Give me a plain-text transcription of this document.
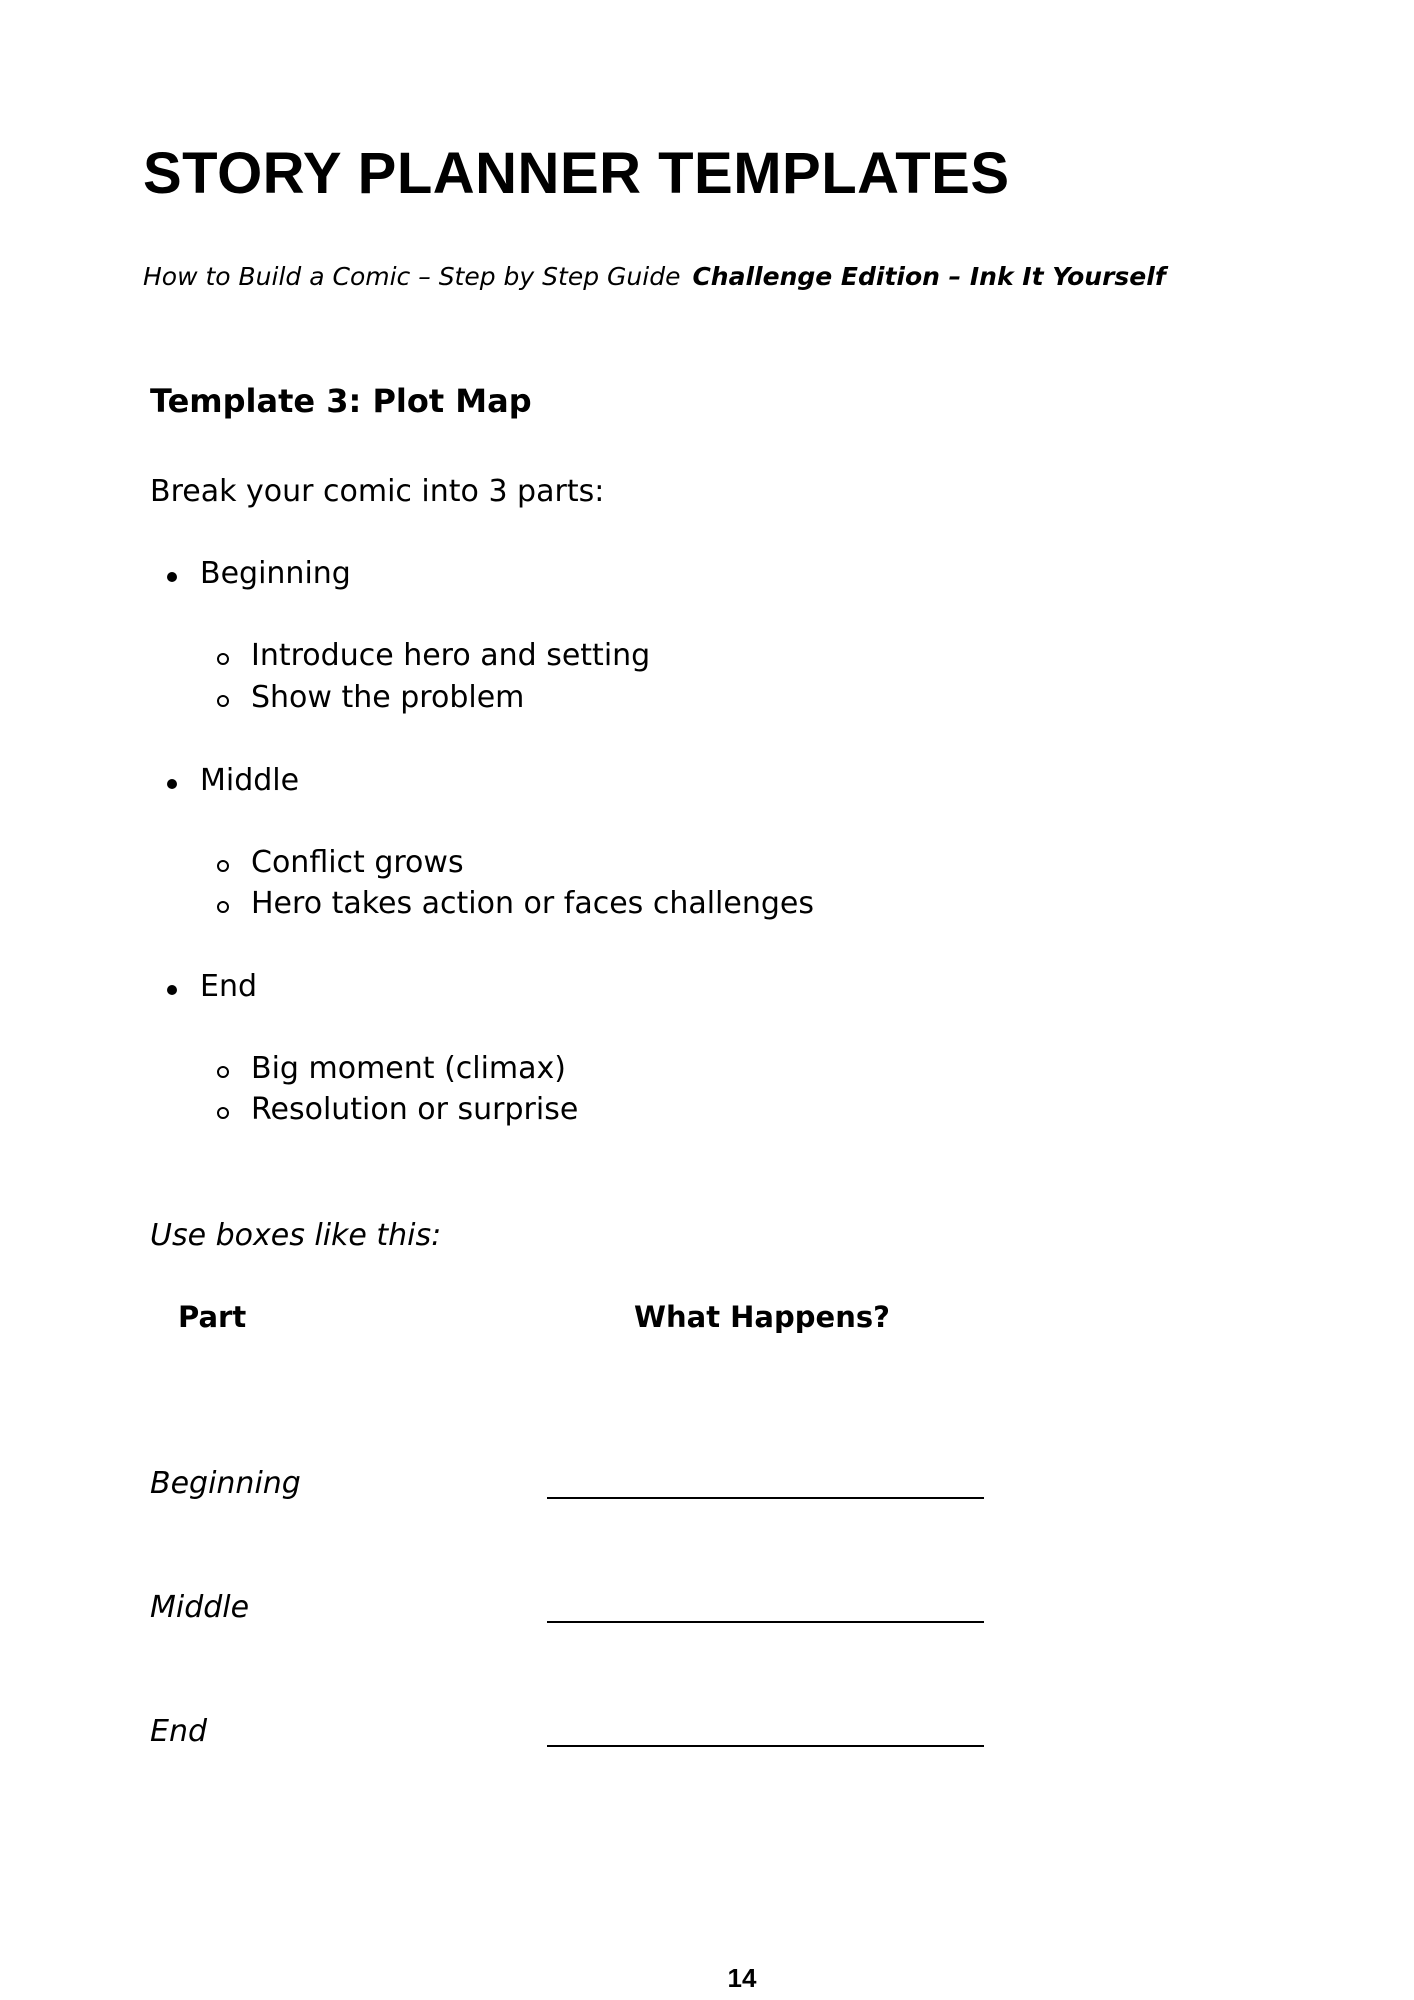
STORY PLANNER TEMPLATES
How to Build a Comic – Step by Step Guide Challenge Edition – Ink It Yourself
Template 3: Plot Map
Break your comic into 3 parts:
Beginning
Introduce hero and setting
Show the problem
Middle
Conflict grows
Hero takes action or faces challenges
End
Big moment (climax)
Resolution or surprise
Use boxes like this:
Part	What Happens?
Beginning
Middle
End
14
